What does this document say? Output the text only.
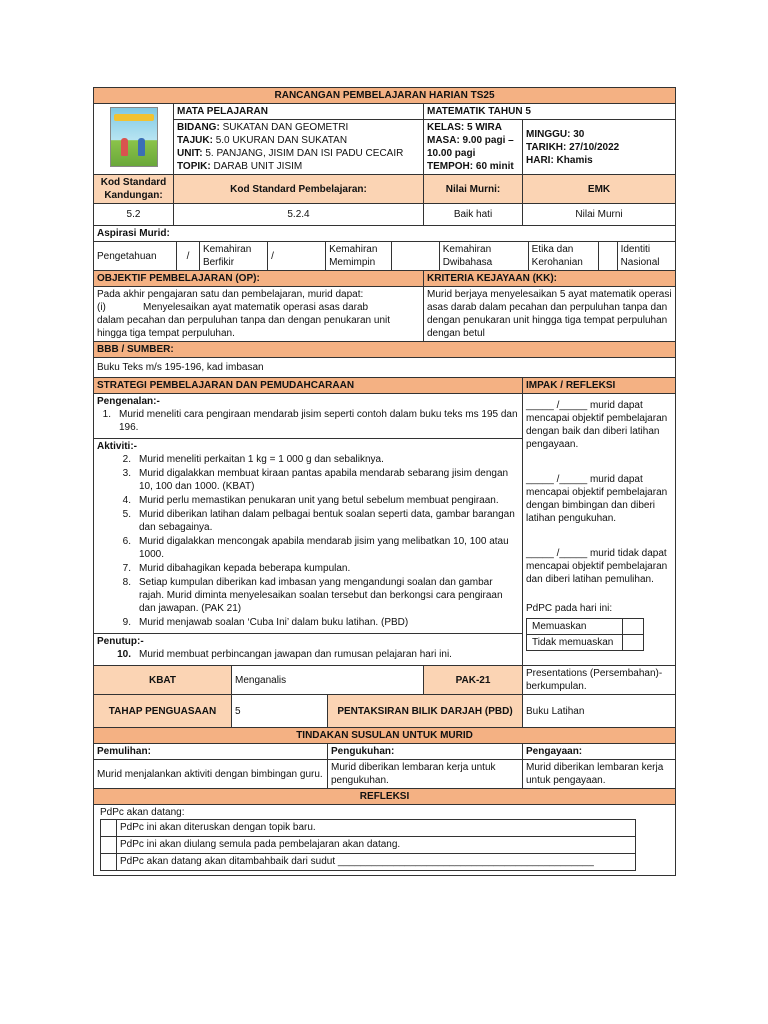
RANCANGAN PEMBELAJARAN HARIAN TS25

	MATA PELAJARAN	MATEMATIK TAHUN 5

BIDANG: SUKATAN DAN GEOMETRI
TAJUK: 5.0 UKURAN DAN SUKATAN
UNIT: 5. PANJANG, JISIM DAN ISI PADU CECAIR
TOPIK: DARAB UNIT JISIM

KELAS: 5 WIRA
MASA: 9.00 pagi –
10.00 pagi
TEMPOH: 60 minit

MINGGU: 30
TARIKH: 27/10/2022
HARI: Khamis

Kod Standard Kandungan:	Kod Standard Pembelajaran:	Nilai Murni:	EMK
5.2	5.2.4	Baik hati	Nilai Murni
Aspirasi Murid:

Pengetahuan	/	Kemahiran Berfikir	/	Kemahiran Memimpin		Kemahiran Dwibahasa	Etika dan Kerohanian		Identiti Nasional

OBJEKTIF PEMBELAJARAN (OP):	KRITERIA KEJAYAAN (KK):

Pada akhir pengajaran satu dan pembelajaran, murid dapat:
(i)	Menyelesaikan ayat matematik operasi asas darab
dalam pecahan dan perpuluhan tanpa dan dengan penukaran unit hingga tiga tempat perpuluhan.
	Murid berjaya menyelesaikan 5 ayat matematik operasi asas darab dalam pecahan dan perpuluhan tanpa dan dengan penukaran unit hingga tiga tempat perpuluhan dengan betul
BBB / SUMBER:
Buku Teks m/s 195-196, kad imbasan
STRATEGI PEMBELAJARAN DAN PEMUDAHCARAAN	IMPAK / REFLEKSI

Pengenalan:-
1. Murid meneliti cara pengiraan mendarab jisim seperti contoh dalam buku teks ms 195 dan 196.
Aktiviti:-
2. Murid meneliti perkaitan 1 kg = 1 000 g dan sebaliknya.
3. Murid digalakkan membuat kiraan pantas apabila mendarab sebarang jisim dengan 10, 100 dan 1000. (KBAT)
4. Murid perlu memastikan penukaran unit yang betul sebelum membuat pengiraan.
5. Murid diberikan latihan dalam pelbagai bentuk soalan seperti data, gambar barangan dan sebagainya.
6. Murid digalakkan mencongak apabila mendarab jisim yang melibatkan 10, 100 atau 1000.
7. Murid dibahagikan kepada beberapa kumpulan.
8. Setiap kumpulan diberikan kad imbasan yang mengandungi soalan dan gambar rajah. Murid diminta menyelesaikan soalan tersebut dan berkongsi cara pengiraan dan jawapan. (PAK 21)
9. Murid menjawab soalan ‘Cuba Ini’ dalam buku latihan. (PBD)
Penutup:-
10. Murid membuat perbincangan jawapan dan rumusan pelajaran hari ini.

_____ /_____ murid dapat mencapai objektif pembelajaran dengan baik dan diberi latihan pengayaan.
_____ /_____ murid dapat mencapai objektif pembelajaran dengan bimbingan dan diberi latihan pengukuhan.
_____ /_____ murid tidak dapat mencapai objektif pembelajaran dan diberi latihan pemulihan.
PdPC pada hari ini:
Memuaskan	
Tidak memuaskan	

KBAT	Menganalis	PAK-21	Presentations (Persembahan)-berkumpulan.
TAHAP PENGUASAAN	5	PENTAKSIRAN BILIK DARJAH (PBD)	Buku Latihan
TINDAKAN SUSULAN UNTUK MURID
Pemulihan:	Pengukuhan:	Pengayaan:
Murid menjalankan aktiviti dengan bimbingan guru.	Murid diberikan lembaran kerja untuk pengukuhan.	Murid diberikan lembaran kerja untuk pengayaan.
REFLEKSI

PdPc akan datang:
	PdPc ini akan diteruskan dengan topik baru.
	PdPc ini akan diulang semula pada pembelajaran akan datang.
	PdPc akan datang akan ditambahbaik dari sudut ______________________________________________
